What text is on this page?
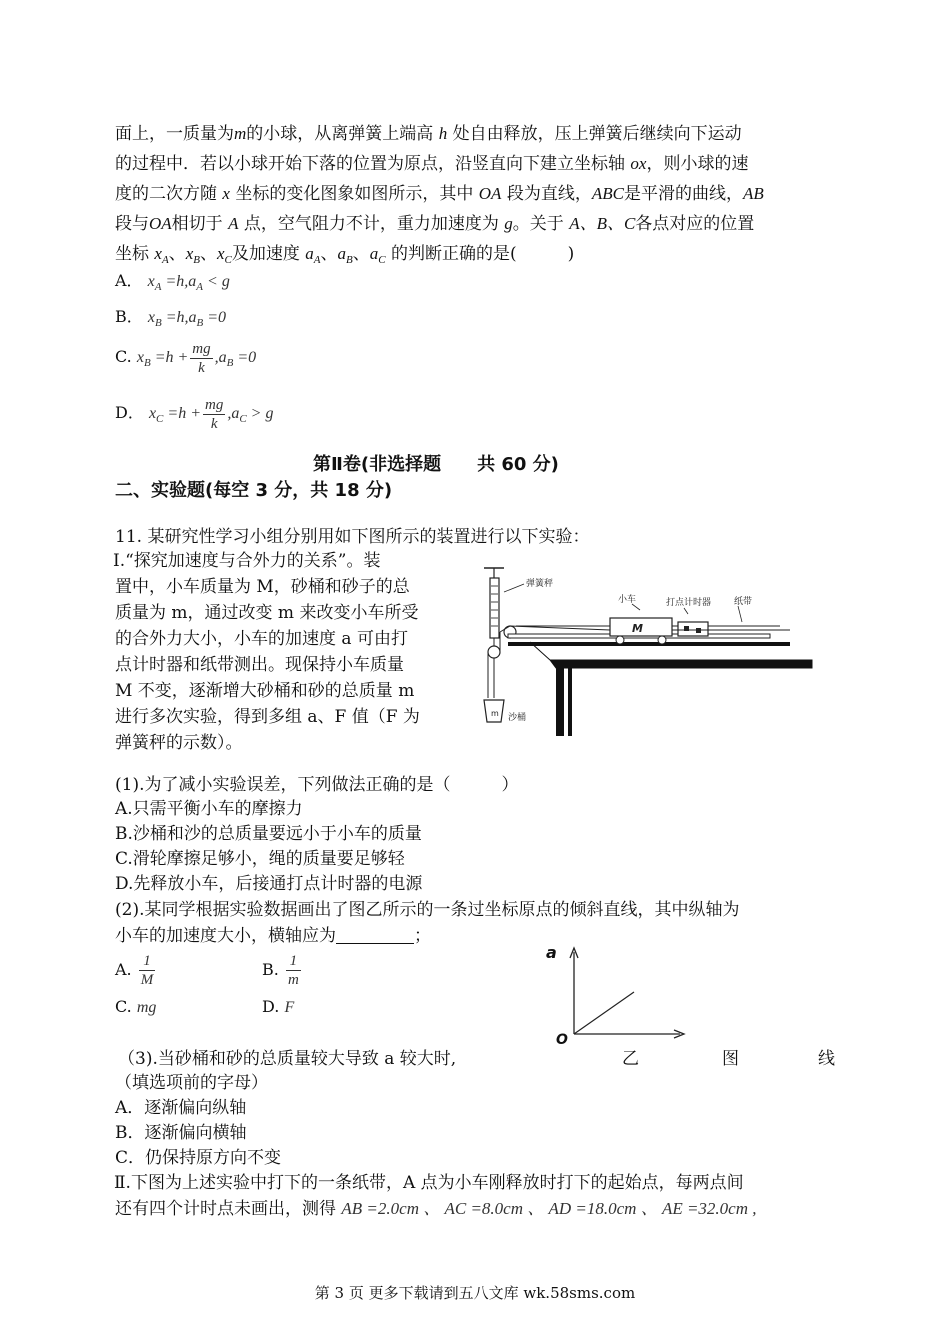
面上，一质量为m的小球，从离弹簧上端高 h 处自由释放，压上弹簧后继续向下运动
的过程中．若以小球开始下落的位置为原点，沿竖直向下建立坐标轴 ox，则小球的速
度的二次方随 x 坐标的变化图象如图所示，其中 OA 段为直线，ABC是平滑的曲线，AB
段与OA相切于 A 点，空气阻力不计，重力加速度为 g。关于 A、B、C各点对应的位置
坐标 $x_A$、$x_B$、$x_C$及加速度 $a_A$、$a_B$、$a_C$ 的判断正确的是(　　　)
A． $x_A =h,a_A < g$
B． $x_B =h,a_B =0$
C. $x_B =h + \frac{mg}{k} ,a_B =0$
D． $x_C =h + \frac{mg}{k} ,a_C > g$
第Ⅱ卷(非选择题　　共 60 分)
二、实验题(每空 3 分，共 18 分)
11. 某研究性学习小组分别用如下图所示的装置进行以下实验：
Ⅰ.“探究加速度与合外力的关系”。装
置中，小车质量为 M，砂桶和砂子的总
质量为 m，通过改变 m 来改变小车所受
的合外力大小，小车的加速度 a 可由打
点计时器和纸带测出。现保持小车质量
M 不变，逐渐增大砂桶和砂的总质量 m
进行多次实验，得到多组 a、F 值（F 为
弹簧秤的示数）。
弹簧秤
m 沙桶
M
小车	打点计时器	纸带
(1).为了减小实验误差，下列做法正确的是（　　　）
A.只需平衡小车的摩擦力
B.沙桶和沙的总质量要远小于小车的质量
C.滑轮摩擦足够小，绳的质量要足够轻
D.先释放小车，后接通打点计时器的电源
(2).某同学根据实验数据画出了图乙所示的一条过坐标原点的倾斜直线，其中纵轴为
小车的加速度大小，横轴应为	；
A. $\frac{1}{M}$	B. $\frac{1}{m}$
C. mg	D. F
a
O
（3).当砂桶和砂的总质量较大导致 a 较大时,	乙	图	线
（填选项前的字母）
A．逐渐偏向纵轴
B．逐渐偏向横轴
C．仍保持原方向不变
Ⅱ.下图为上述实验中打下的一条纸带，A 点为小车刚释放时打下的起始点，每两点间
还有四个计时点未画出，测得 AB =2.0cm 、 AC =8.0cm 、 AD =18.0cm 、 AE =32.0cm ,
第 3 页 更多下载请到五八文库 wk.58sms.com
